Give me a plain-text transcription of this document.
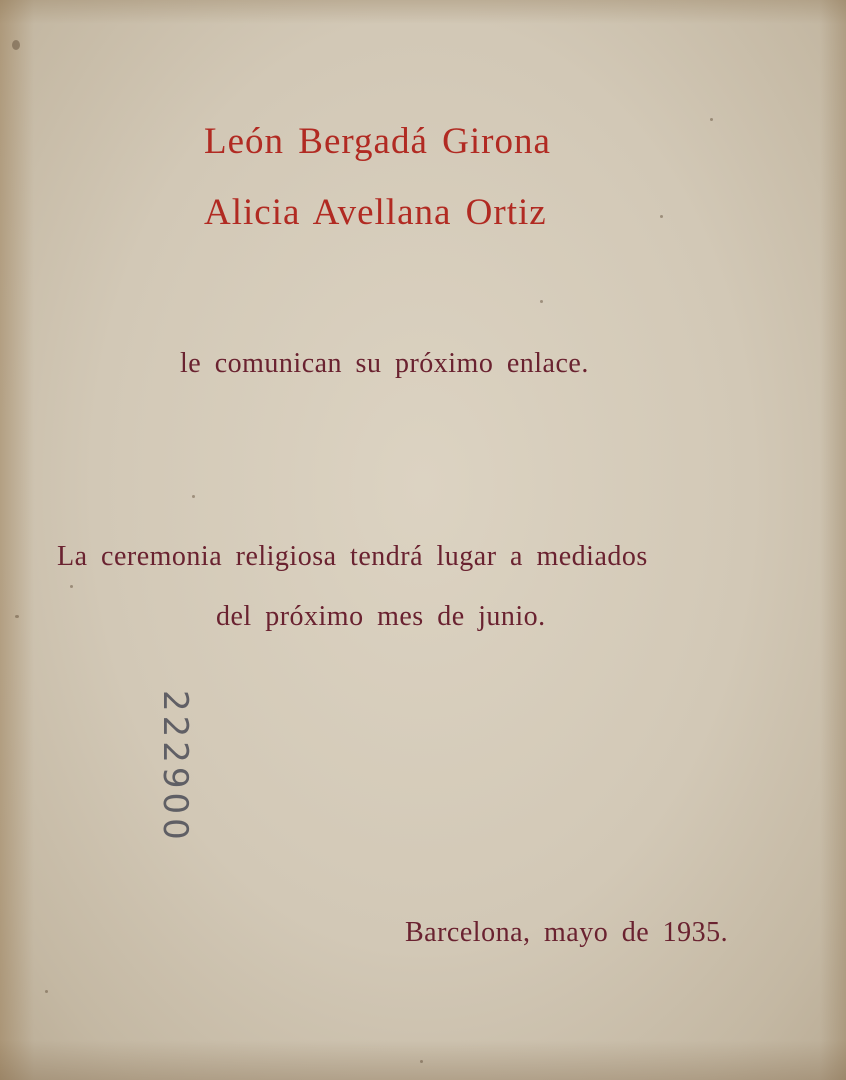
León Bergadá Girona
Alicia Avellana Ortiz
le comunican su próximo enlace.
La ceremonia religiosa tendrá lugar a mediados
del próximo mes de junio.
222900
Barcelona, mayo de 1935.
